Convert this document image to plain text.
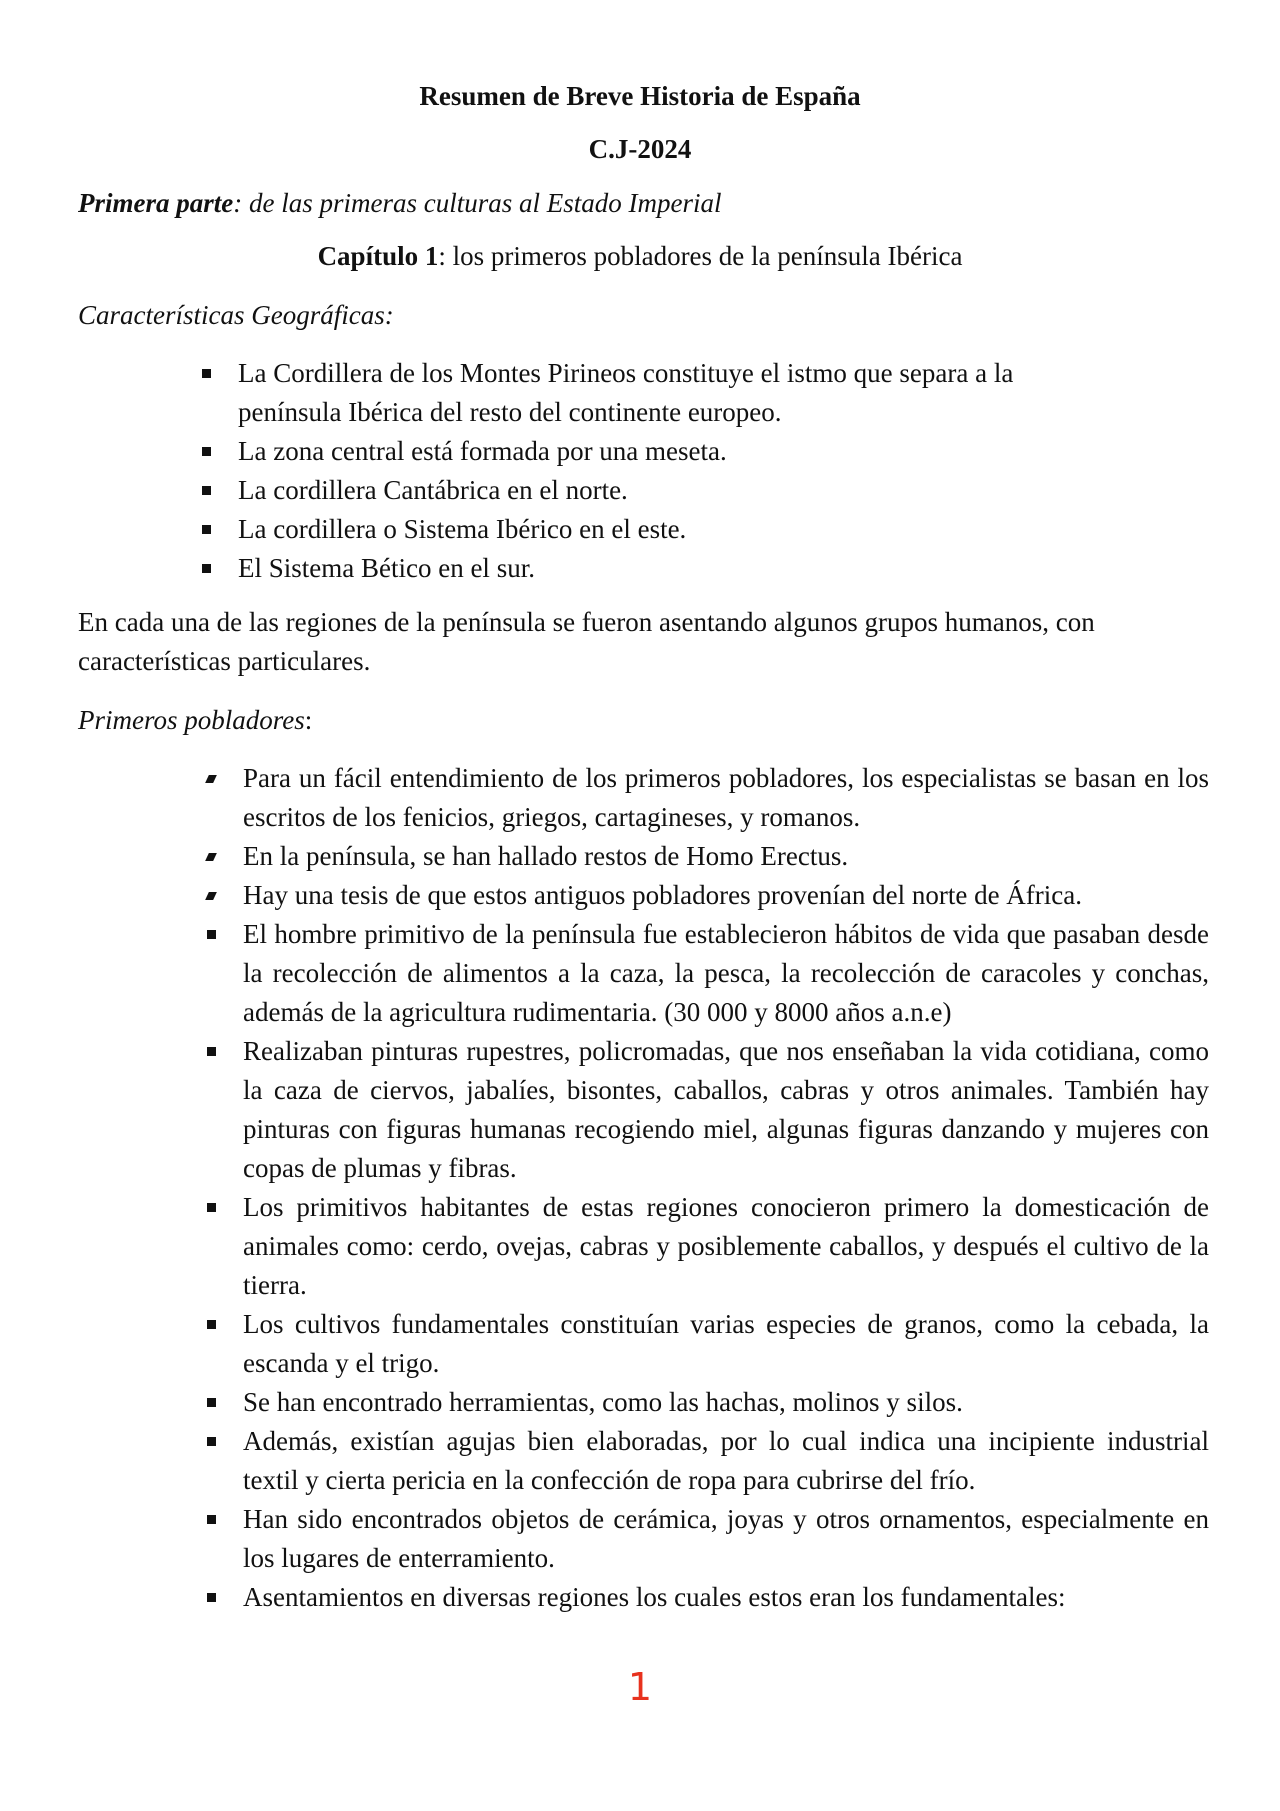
Resumen de Breve Historia de España

C.J-2024

Primera parte: de las primeras culturas al Estado Imperial

Capítulo 1: los primeros pobladores de la península Ibérica

Características Geográficas:

La Cordillera de los Montes Pirineos constituye el istmo que separa a la península Ibérica del resto del continente europeo.
La zona central está formada por una meseta.
La cordillera Cantábrica en el norte.
La cordillera o Sistema Ibérico en el este.
El Sistema Bético en el sur.

En cada una de las regiones de la península se fueron asentando algunos grupos humanos, con características particulares.

Primeros pobladores:

Para un fácil entendimiento de los primeros pobladores, los especialistas se basan en los escritos de los fenicios, griegos, cartagineses, y romanos.
En la península, se han hallado restos de Homo Erectus.
Hay una tesis de que estos antiguos pobladores provenían del norte de África.
El hombre primitivo de la península fue establecieron hábitos de vida que pasaban desde la recolección de alimentos a la caza, la pesca, la recolección de caracoles y conchas, además de la agricultura rudimentaria. (30 000 y 8000 años a.n.e)
Realizaban pinturas rupestres, policromadas, que nos enseñaban la vida cotidiana, como la caza de ciervos, jabalíes, bisontes, caballos, cabras y otros animales. También hay pinturas con figuras humanas recogiendo miel, algunas figuras danzando y mujeres con copas de plumas y fibras.
Los primitivos habitantes de estas regiones conocieron primero la domesticación de animales como: cerdo, ovejas, cabras y posiblemente caballos, y después el cultivo de la tierra.
Los cultivos fundamentales constituían varias especies de granos, como la cebada, la escanda y el trigo.
Se han encontrado herramientas, como las hachas, molinos y silos.
Además, existían agujas bien elaboradas, por lo cual indica una incipiente industrial textil y cierta pericia en la confección de ropa para cubrirse del frío.
Han sido encontrados objetos de cerámica, joyas y otros ornamentos, especialmente en los lugares de enterramiento.
Asentamientos en diversas regiones los cuales estos eran los fundamentales:
1
